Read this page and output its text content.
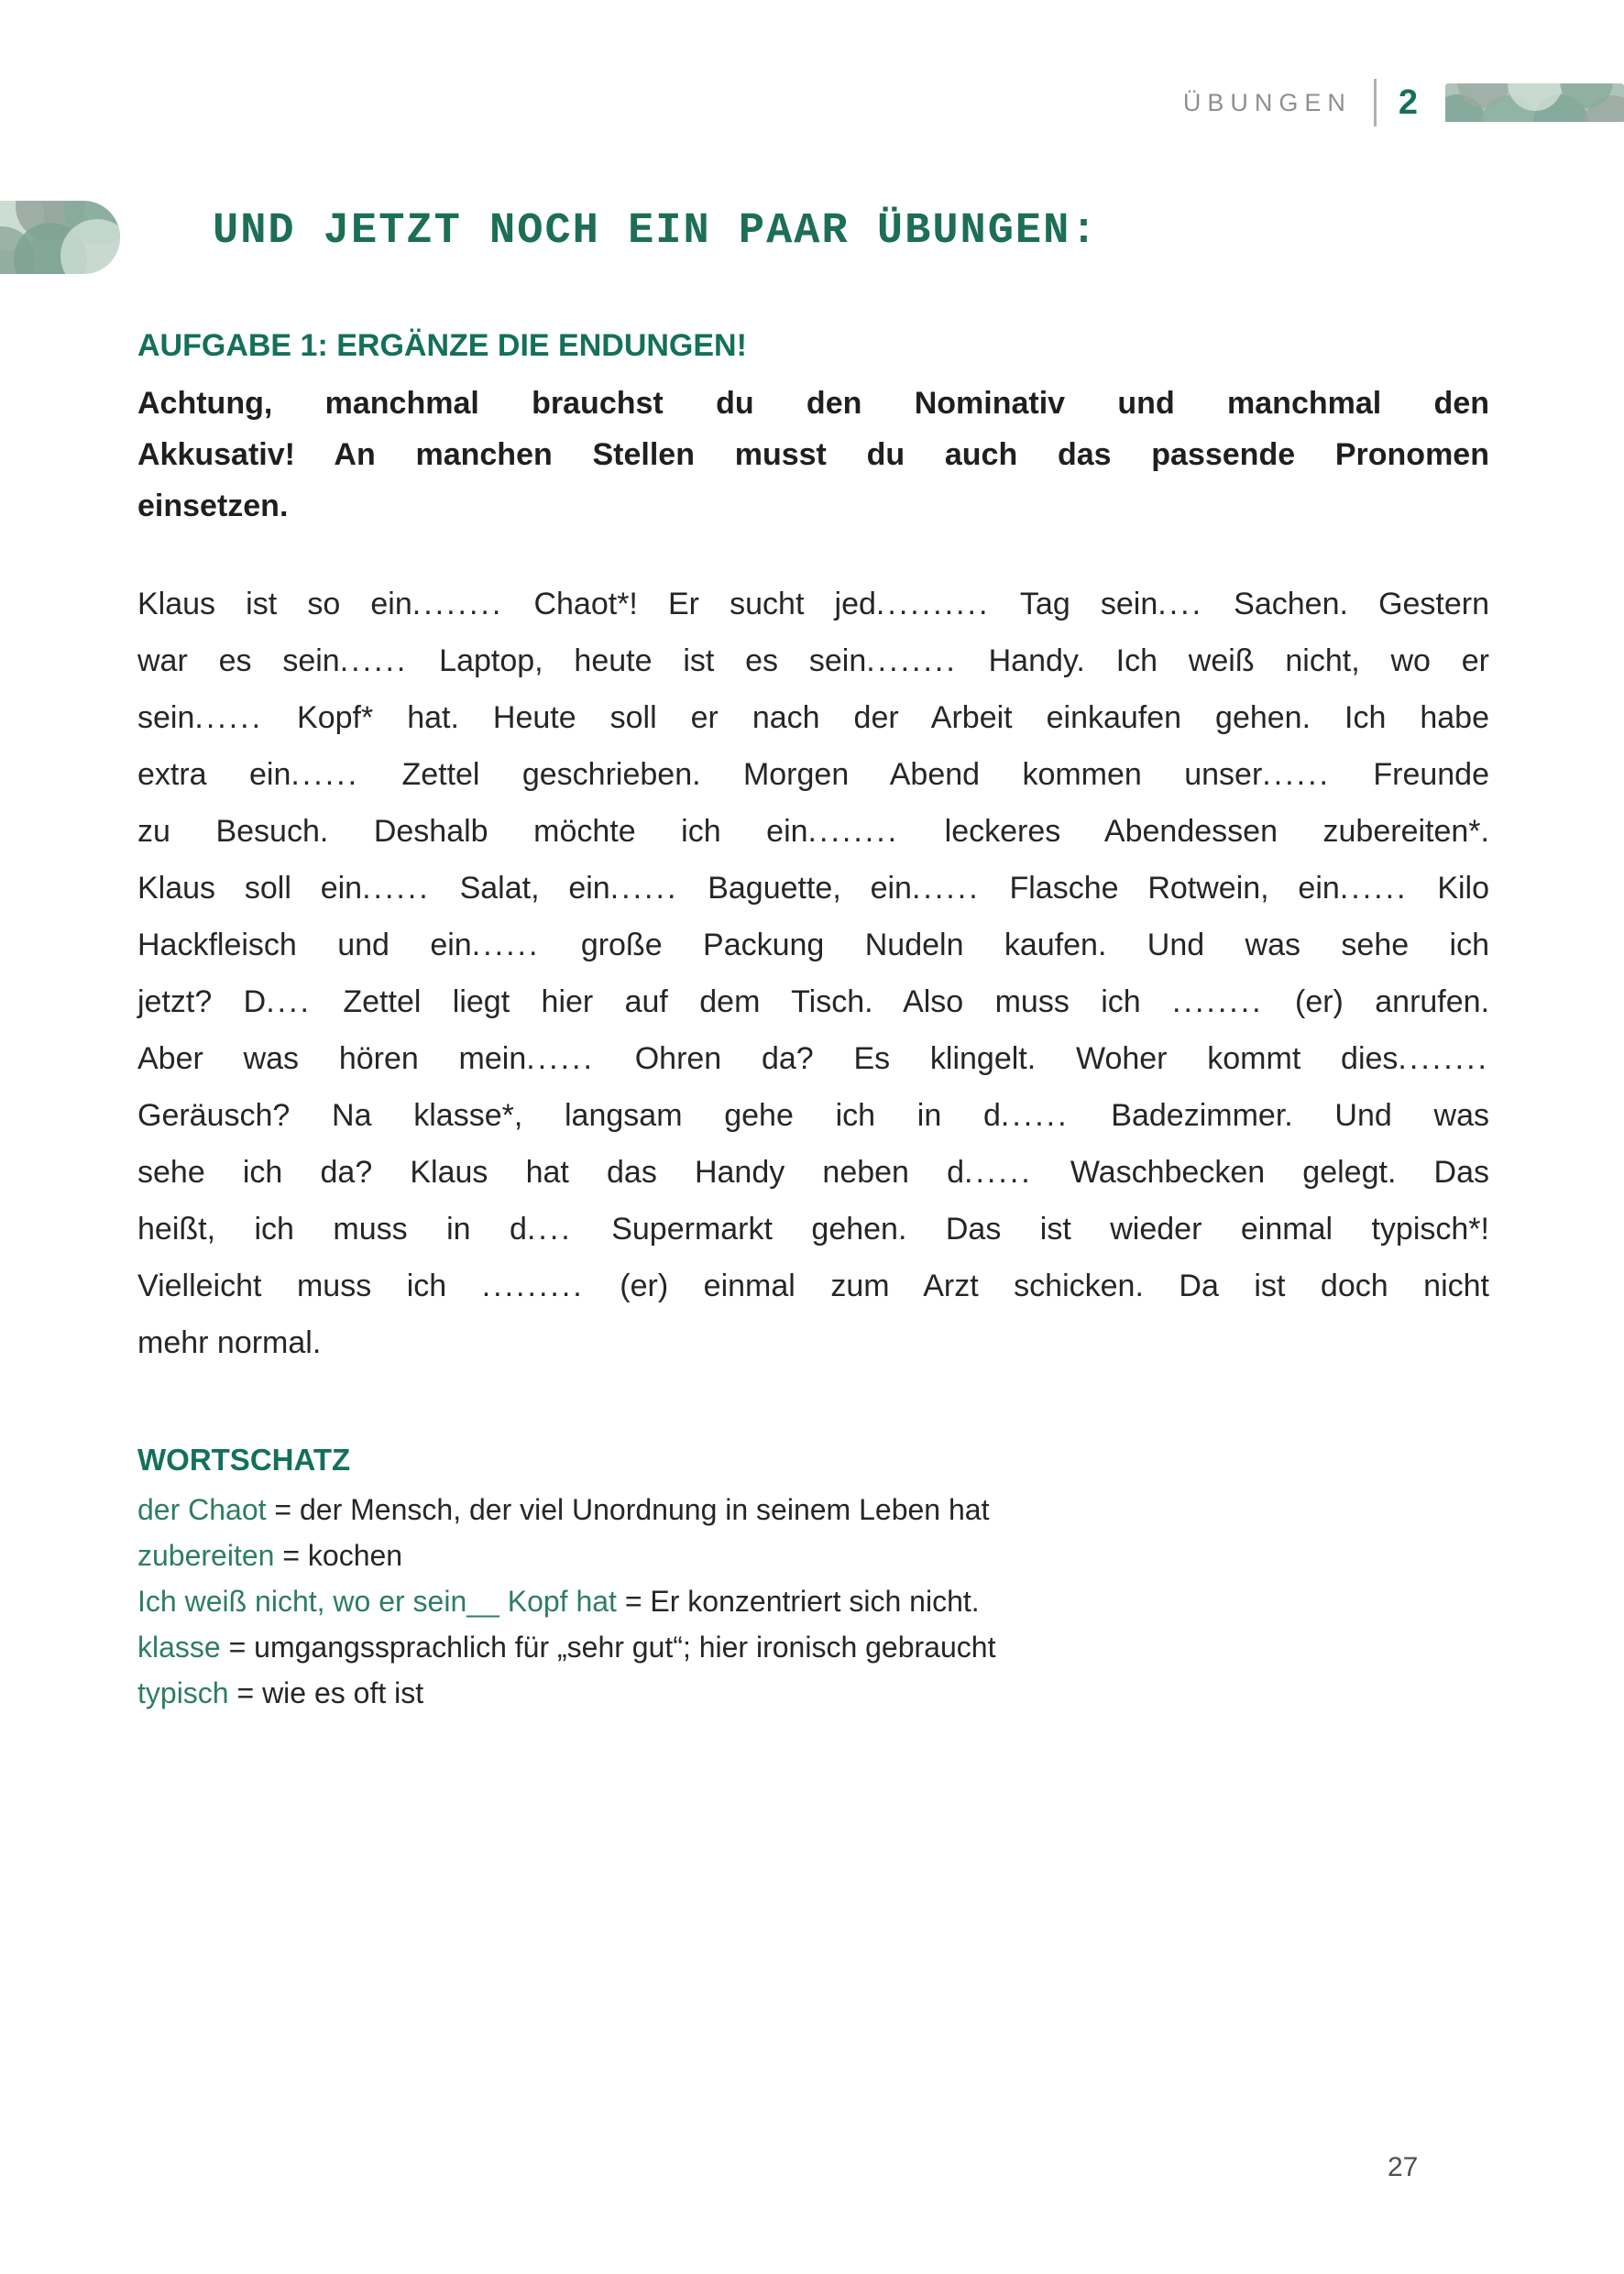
ÜBUNGEN 2
UND JETZT NOCH EIN PAAR ÜBUNGEN:
AUFGABE 1: ERGÄNZE DIE ENDUNGEN!
Achtung, manchmal brauchst du den Nominativ und manchmal den
Akkusativ! An manchen Stellen musst du auch das passende Pronomen
einsetzen.
Klaus ist so ein........ Chaot*! Er sucht jed.......... Tag sein.... Sachen. Gestern
war es sein...... Laptop, heute ist es sein........ Handy. Ich weiß nicht, wo er
sein...... Kopf* hat. Heute soll er nach der Arbeit einkaufen gehen. Ich habe
extra ein...... Zettel geschrieben. Morgen Abend kommen unser...... Freunde
zu Besuch. Deshalb möchte ich ein........ leckeres Abendessen zubereiten*.
Klaus soll ein...... Salat, ein...... Baguette, ein...... Flasche Rotwein, ein...... Kilo
Hackfleisch und ein...... große Packung Nudeln kaufen. Und was sehe ich
jetzt? D.... Zettel liegt hier auf dem Tisch. Also muss ich ........ (er) anrufen.
Aber was hören mein...... Ohren da? Es klingelt. Woher kommt dies........
Geräusch? Na klasse*, langsam gehe ich in d...... Badezimmer. Und was
sehe ich da? Klaus hat das Handy neben d...... Waschbecken gelegt. Das
heißt, ich muss in d.... Supermarkt gehen. Das ist wieder einmal typisch*!
Vielleicht muss ich ......... (er) einmal zum Arzt schicken. Da ist doch nicht
mehr normal.
WORTSCHATZ
der Chaot = der Mensch, der viel Unordnung in seinem Leben hat
zubereiten = kochen
Ich weiß nicht, wo er sein__ Kopf hat = Er konzentriert sich nicht.
klasse = umgangssprachlich für „sehr gut“; hier ironisch gebraucht
typisch = wie es oft ist
27
